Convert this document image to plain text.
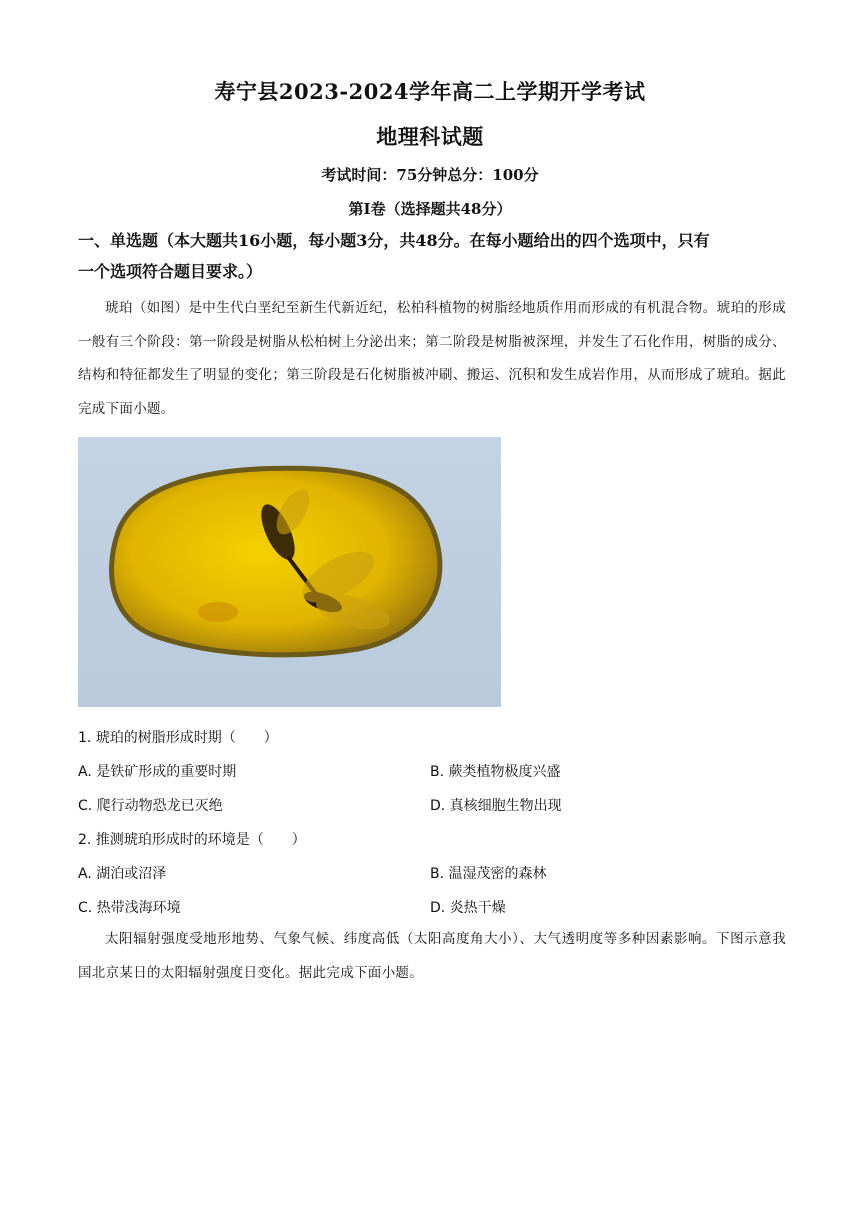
寿宁县2023-2024学年高二上学期开学考试
地理科试题
考试时间：75分钟总分：100分
第Ⅰ卷（选择题共48分）
一、单选题（本大题共16小题，每小题3分，共48分。在每小题给出的四个选项中，只有
一个选项符合题目要求。）
琥珀（如图）是中生代白垩纪至新生代新近纪，松柏科植物的树脂经地质作用而形成的有机混合物。琥珀的形成一般有三个阶段：第一阶段是树脂从松柏树上分泌出来；第二阶段是树脂被深埋，并发生了石化作用，树脂的成分、结构和特征都发生了明显的变化；第三阶段是石化树脂被冲刷、搬运、沉积和发生成岩作用，从而形成了琥珀。据此完成下面小题。
1. 琥珀的树脂形成时期（　　）
A. 是铁矿形成的重要时期	B. 蕨类植物极度兴盛
C. 爬行动物恐龙已灭绝	D. 真核细胞生物出现
2. 推测琥珀形成时的环境是（　　）
A. 湖泊或沼泽	B. 温湿茂密的森林
C. 热带浅海环境	D. 炎热干燥
太阳辐射强度受地形地势、气象气候、纬度高低（太阳高度角大小）、大气透明度等多种因素影响。下图示意我国北京某日的太阳辐射强度日变化。据此完成下面小题。
